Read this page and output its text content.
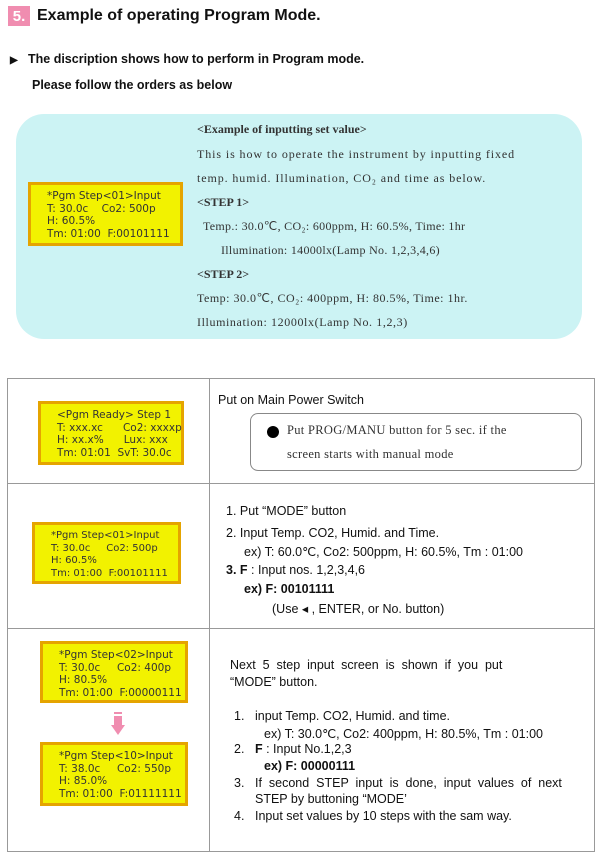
5. Example of operating Program Mode.
▶ The discription shows how to perform in Program mode.
Please follow the orders as below
*Pgm Step<01>Input
T: 30.0c    Co2: 500p
H: 60.5%
Tm: 01:00  F:00101111
<Example of inputting set value>
This is how to operate the instrument by inputting fixed
temp. humid. Illumination, CO₂ and time as below.
<STEP 1>
Temp.: 30.0℃, CO₂: 600ppm, H: 60.5%, Time: 1hr
Illumination: 14000lx(Lamp No. 1,2,3,4,6)
<STEP 2>
Temp: 30.0℃, CO₂: 400ppm, H: 80.5%, Time: 1hr.
Illumination: 12000lx(Lamp No. 1,2,3)
<Pgm Ready> Step 1
T: xxx.xc      Co2: xxxxp
H: xx.x%      Lux: xxx
Tm: 01:01  SvT: 30.0c
Put on Main Power Switch
Put PROG/MANU button for 5 sec. if the
screen starts with manual mode
*Pgm Step<01>Input
T: 30.0c     Co2: 500p
H: 60.5%
Tm: 01:00  F:00101111
1. Put “MODE” button
2. Input Temp. CO2, Humid. and Time.
ex) T: 60.0℃, Co2: 500ppm, H: 60.5%, Tm : 01:00
3. F : Input nos. 1,2,3,4,6
ex) F: 00101111
(Use ◂ , ENTER, or No. button)
*Pgm Step<02>Input
T: 30.0c     Co2: 400p
H: 80.5%
Tm: 01:00  F:00000111
*Pgm Step<10>Input
T: 38.0c     Co2: 550p
H: 85.0%
Tm: 01:00  F:01111111
Next  5  step  input  screen  is  shown  if  you  put
“MODE” button.
1. input Temp. CO2, Humid. and time.
ex) T: 30.0℃, Co2: 400ppm, H: 80.5%, Tm : 01:00
2. F : Input No.1,2,3
ex) F: 00000111
3. If  second  STEP  input  is  done,  input  values  of  next
STEP by buttoning “MODE’
4. Input set values by 10 steps with the sam way.
